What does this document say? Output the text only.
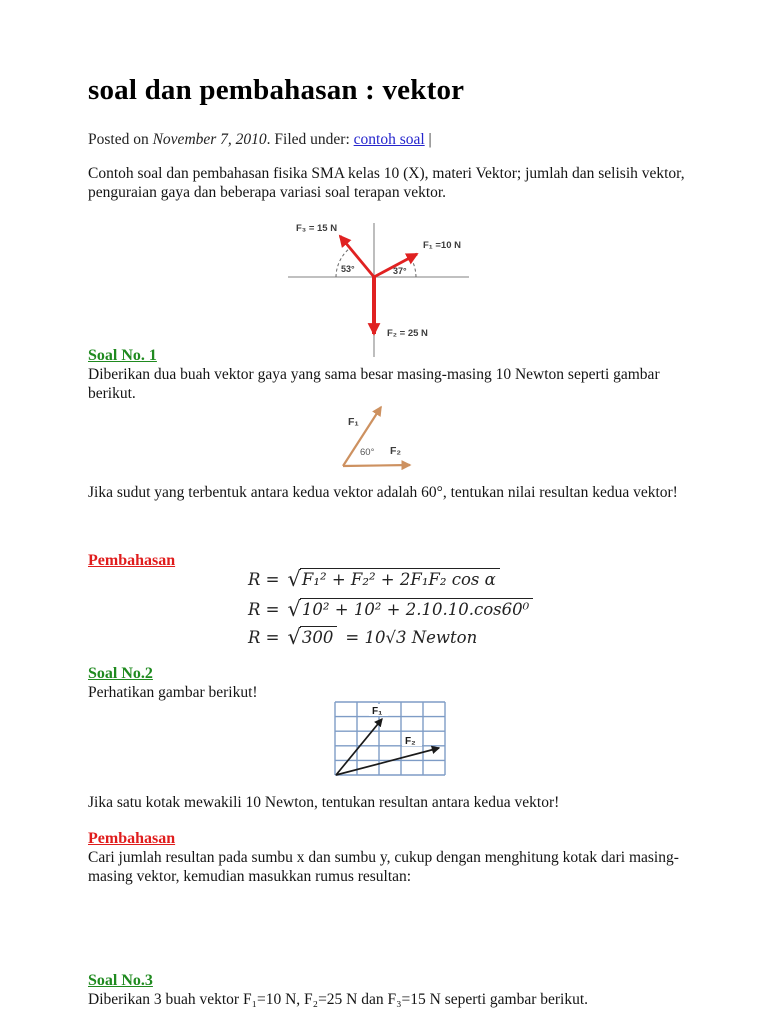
soal dan pembahasan : vektor
Posted on November 7, 2010. Filed under: contoh soal |
Contoh soal dan pembahasan fisika SMA kelas 10 (X), materi Vektor; jumlah dan selisih vektor, penguraian gaya dan beberapa variasi soal terapan vektor.
F₃ = 15 N
F₁ =10 N
F₂ = 25 N
53°	37°
Soal No. 1
Diberikan dua buah vektor gaya yang sama besar masing-masing 10 Newton seperti gambar berikut.
F₁
60° F₂
Jika sudut yang terbentuk antara kedua vektor adalah 60°, tentukan nilai resultan kedua vektor!
Pembahasan
R = √ F₁² + F₂² + 2F₁F₂ cos α
R = √ 10² + 10² + 2.10.10.cos60⁰
R = √ 300 = 10√3 Newton
Soal No.2
Perhatikan gambar berikut!
F₁
F₂
Jika satu kotak mewakili 10 Newton, tentukan resultan antara kedua vektor!
Pembahasan
Cari jumlah resultan pada sumbu x dan sumbu y, cukup dengan menghitung kotak dari masing-masing vektor, kemudian masukkan rumus resultan:
Soal No.3
Diberikan 3 buah vektor F₁=10 N, F₂=25 N dan F₃=15 N seperti gambar berikut.
